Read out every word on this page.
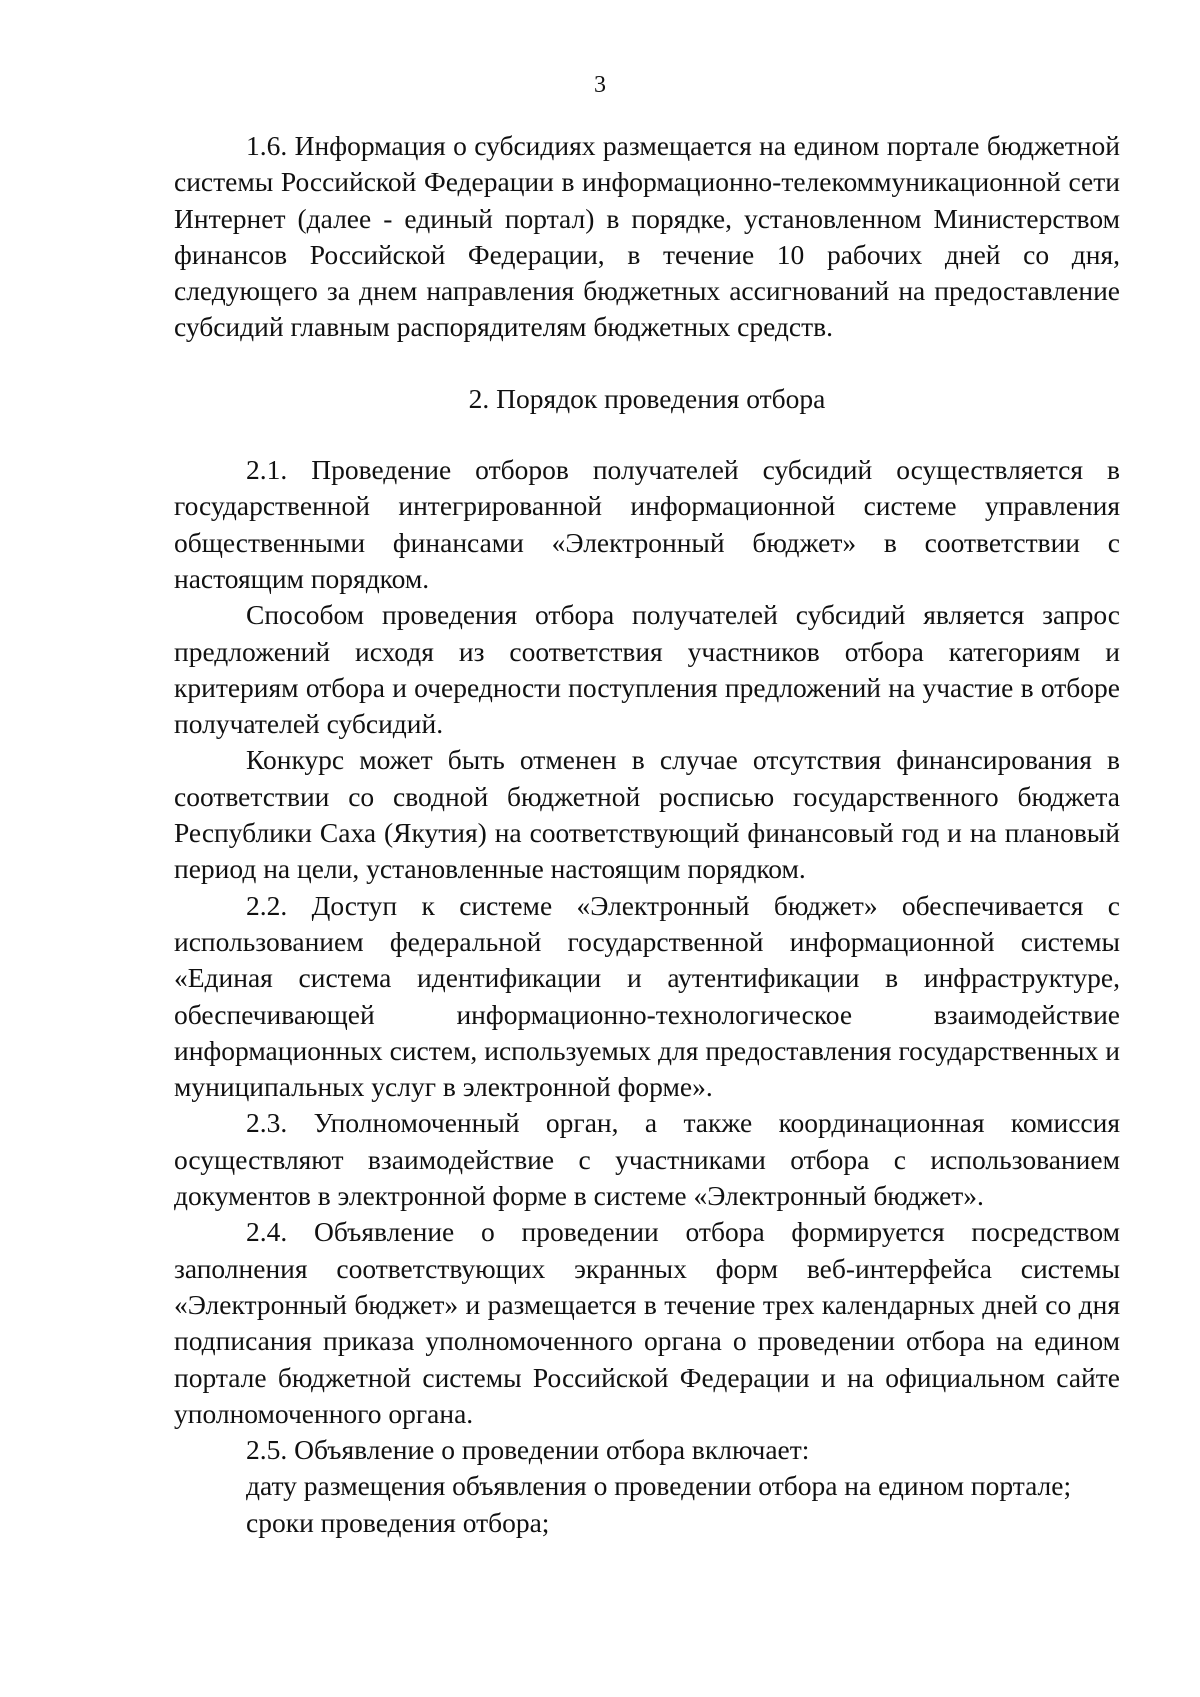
3

1.6. Информация о субсидиях размещается на едином портале бюджетной системы Российской Федерации в информационно-телекоммуникационной сети Интернет (далее - единый портал) в порядке, установленном Министерством финансов Российской Федерации, в течение 10 рабочих дней со дня, следующего за днем направления бюджетных ассигнований на предоставление субсидий главным распорядителям бюджетных средств.

2. Порядок проведения отбора

2.1. Проведение отборов получателей субсидий осуществляется в государственной интегрированной информационной системе управления общественными финансами «Электронный бюджет» в соответствии с настоящим порядком.

Способом проведения отбора получателей субсидий является запрос предложений исходя из соответствия участников отбора категориям и критериям отбора и очередности поступления предложений на участие в отборе получателей субсидий.

Конкурс может быть отменен в случае отсутствия финансирования в соответствии со сводной бюджетной росписью государственного бюджета Республики Саха (Якутия) на соответствующий финансовый год и на плановый период на цели, установленные настоящим порядком.

2.2. Доступ к системе «Электронный бюджет» обеспечивается с использованием федеральной государственной информационной системы «Единая система идентификации и аутентификации в инфраструктуре, обеспечивающей информационно-технологическое взаимодействие информационных систем, используемых для предоставления государственных и муниципальных услуг в электронной форме».

2.3. Уполномоченный орган, а также координационная комиссия осуществляют взаимодействие с участниками отбора с использованием документов в электронной форме в системе «Электронный бюджет».

2.4. Объявление о проведении отбора формируется посредством заполнения соответствующих экранных форм веб-интерфейса системы «Электронный бюджет» и размещается в течение трех календарных дней со дня подписания приказа уполномоченного органа о проведении отбора на едином портале бюджетной системы Российской Федерации и на официальном сайте уполномоченного органа.

2.5. Объявление о проведении отбора включает:

дату размещения объявления о проведении отбора на едином портале;

сроки проведения отбора;
